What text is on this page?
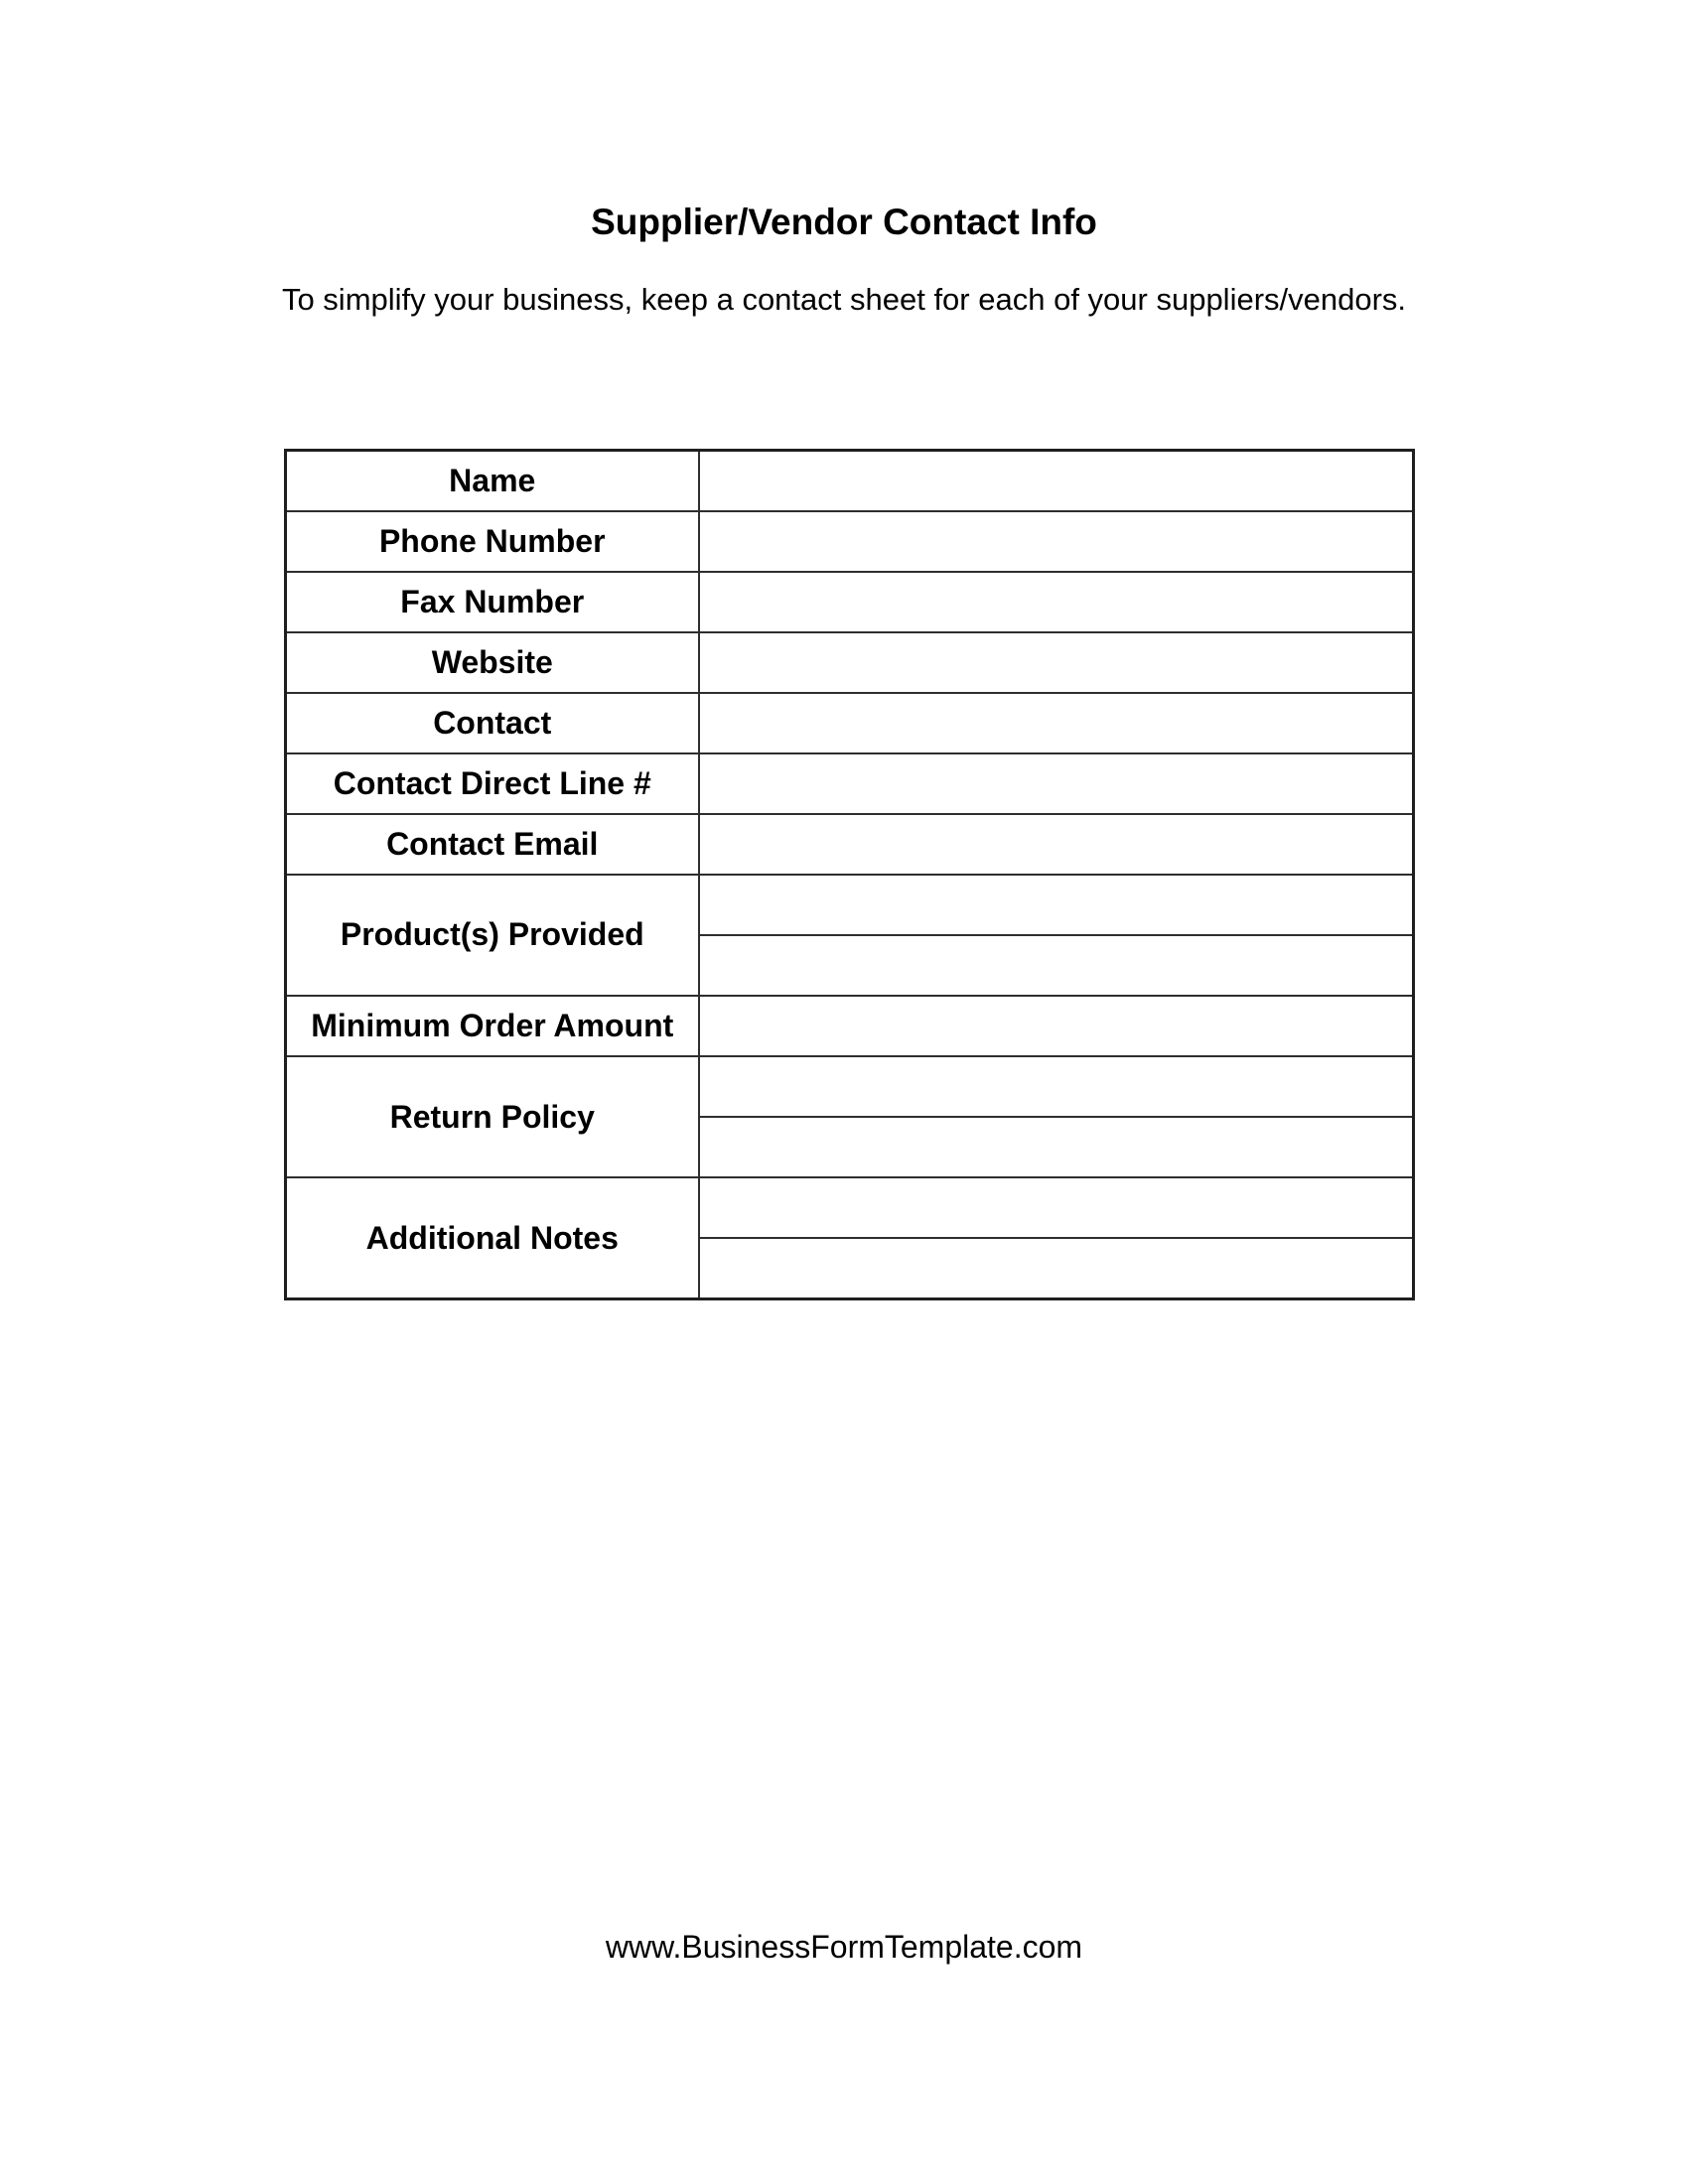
Supplier/Vendor Contact Info

To simplify your business, keep a contact sheet for each of your suppliers/vendors.

Name	
Phone Number	
Fax Number	
Website	
Contact	
Contact Direct Line #	
Contact Email	
Product(s) Provided	

Minimum Order Amount	
Return Policy	

Additional Notes	

www.BusinessFormTemplate.com
